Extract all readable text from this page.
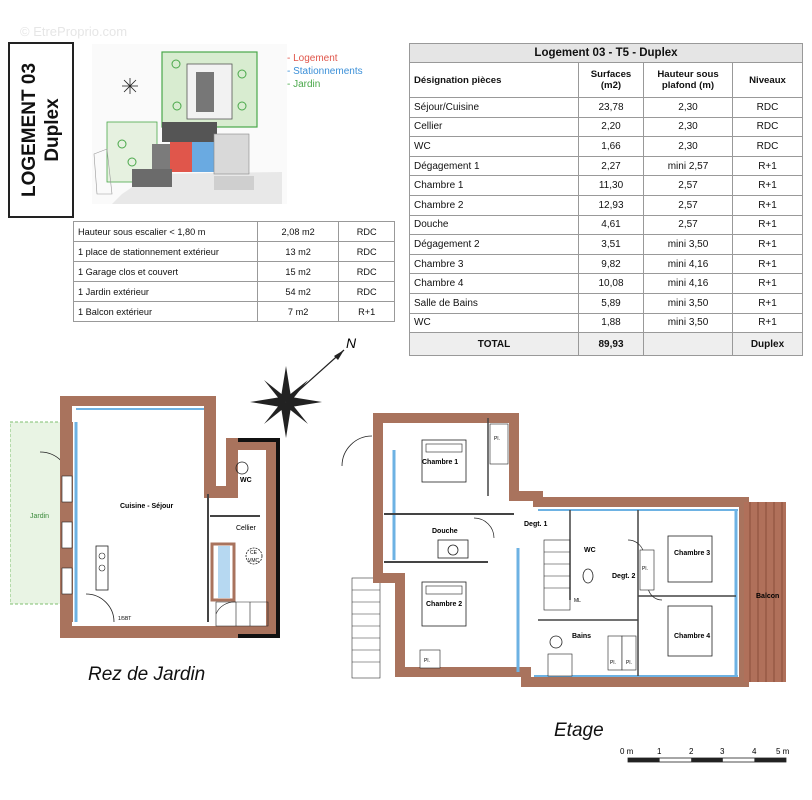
© EtreProprio.com
LOGEMENT 03 Duplex
- Logement
- Stationnements
- Jardin
Hauteur sous escalier < 1,80 m	2,08 m2	RDC
1 place de stationnement extérieur	13 m2	RDC
1 Garage clos et couvert	15 m2	RDC
1 Jardin extérieur	54 m2	RDC
1 Balcon extérieur	7 m2	R+1
Logement 03 - T5 - Duplex			
Désignation pièces	Surfaces (m2)	Hauteur sous plafond (m)	Niveaux
Séjour/Cuisine	23,78	2,30	RDC
Cellier	2,20	2,30	RDC
WC	1,66	2,30	RDC
Dégagement 1	2,27	mini 2,57	R+1
Chambre 1	11,30	2,57	R+1
Chambre 2	12,93	2,57	R+1
Douche	4,61	2,57	R+1
Dégagement 2	3,51	mini 3,50	R+1
Chambre 3	9,82	mini 4,16	R+1
Chambre 4	10,08	mini 4,16	R+1
Salle de Bains	5,89	mini 3,50	R+1
WC	1,88	mini 3,50	R+1
TOTAL	89,93		Duplex
N
Jardin
Cuisine - Séjour
WC
Cellier
CE
VMC
1/5BT
Chambre 1
Douche
Degt. 1
Chambre 2
WC
Degt. 2
Chambre 3
Chambre 4
Bains
Balcon
Pl.
Pl.
Pl.
Pl. Pl.
ML
Rez de Jardin
Etage
0 m	1	2	3	4 5 m
